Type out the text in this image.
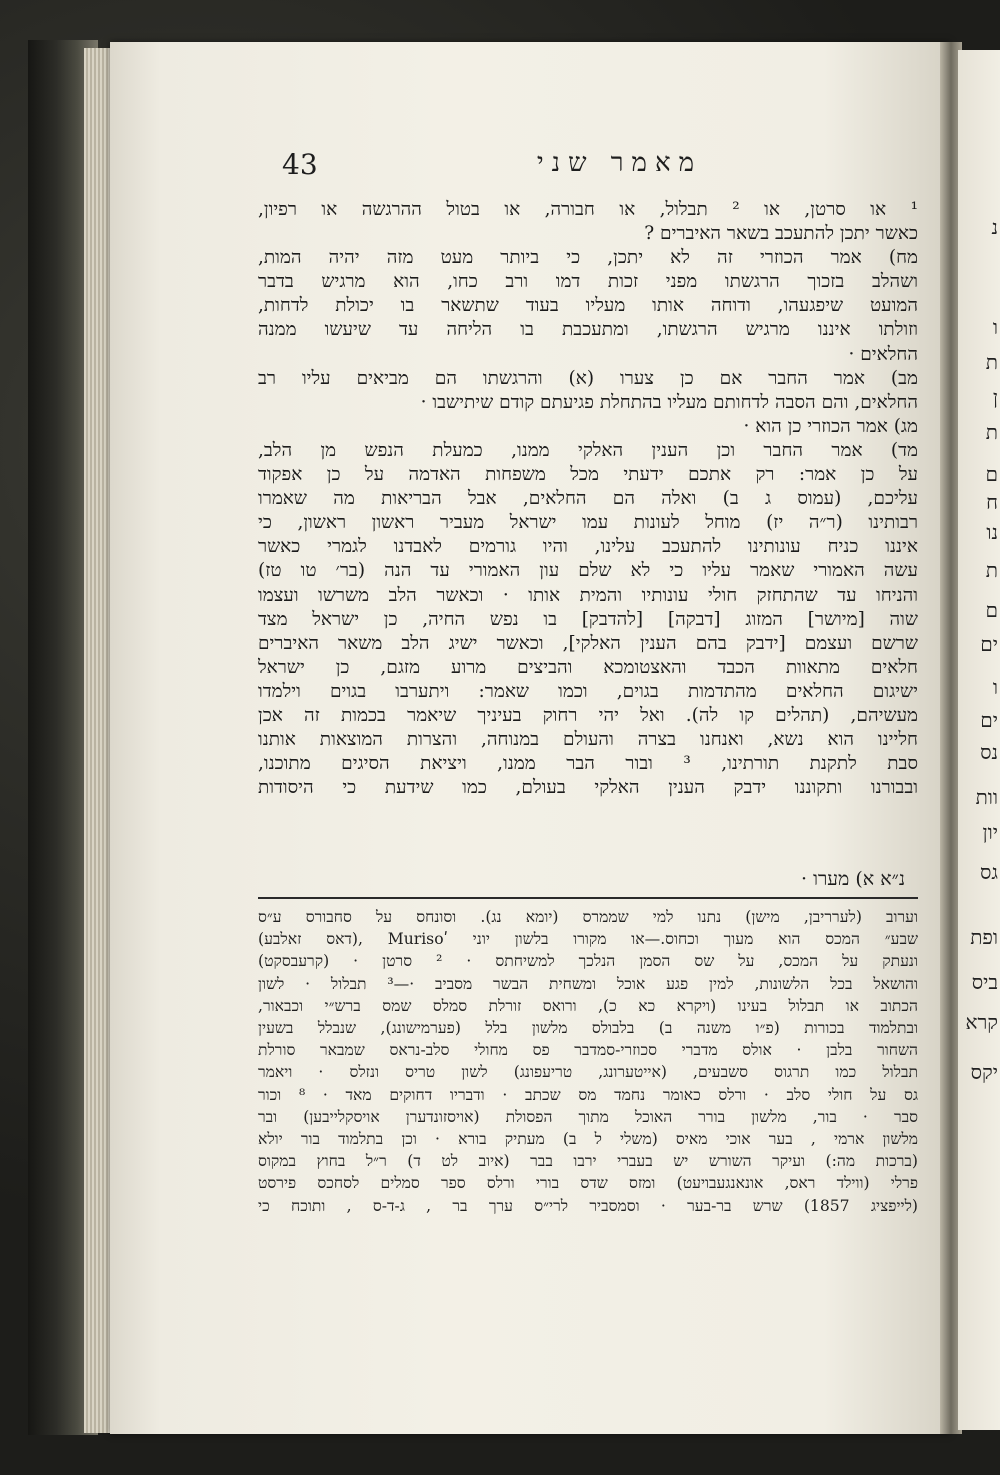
נ
ו
ת
ן
ת
ם
ח
נו
ת
ם
ים
ו
ים
נס
וות
יון
גס
ופת
ביס
קרא
יקס
43	מאמר שני
¹ או סרטן, או ² תבלול, או חבורה, או בטול ההרגשה או רפיון,
כאשר יתכן להתעכב בשאר האיברים ?
מח) אמר הכוזרי זה לא יתכן, כי ביותר מעט מזה יהיה המות,
ושהלב בזכוך הרגשתו מפני זכות דמו ורב כחו, הוא מרגיש בדבר
המועט שיפגעהו, ודוחה אותו מעליו בעוד שתשאר בו יכולת לדחות,
וזולתו איננו מרגיש הרגשתו, ומתעכבת בו הליחה עד שיעשו ממנה
החלאים ·
מב) אמר החבר אם כן צערו (א) והרגשתו הם מביאים עליו רב
החלאים, והם הסבה לדחותם מעליו בהתחלת פגיעתם קודם שיתישבו ·
מג) אמר הכוזרי כן הוא ·
מד) אמר החבר וכן הענין האלקי ממנו, כמעלת הנפש מן הלב,
על כן אמר: רק אתכם ידעתי מכל משפחות האדמה על כן אפקוד
עליכם, (עמוס ג ב) ואלה הם החלאים, אבל הבריאות מה שאמרו
רבותינו (ר״ה יז) מוחל לעונות עמו ישראל מעביר ראשון ראשון, כי
איננו כניח עונותינו להתעכב עלינו, והיו גורמים לאבדנו לגמרי כאשר
עשה האמורי שאמר עליו כי לא שלם עון האמורי עד הנה (בר׳ טו טז)
והניחו עד שהתחזק חולי עונותיו והמית אותו · וכאשר הלב משרשו ועצמו
שוה [מיושר] המזוג [דבקה] [להדבק] בו נפש החיה, כן ישראל מצד
שרשם ועצמם [ידבק בהם הענין האלקי], וכאשר ישיג הלב משאר האיברים
חלאים מתאוות הכבד והאצטומכא והביצים מרוע מזגם, כן ישראל
ישיגום החלאים מהתדמות בגוים, וכמו שאמר: ויתערבו בגוים וילמדו
מעשיהם, (תהלים קו לה). ואל יהי רחוק בעיניך שיאמר בכמות זה אכן
חליינו הוא נשא, ואנחנו בצרה והעולם במנוחה, והצרות המוצאות אותנו
סבת לתקנת תורתינו, ³ ובור הבר ממנו, ויציאת הסיגים מתוכנו,
ובבורנו ותקוננו ידבק הענין האלקי בעולם, כמו שידעת כי היסודות
נ״א א) מערו ·
וערוב (לערריבן, מישן) נתנו למי שממרס (יומא נג). וסונחס על סחבורס ע״ס
שבע״ המכס הוא מעוך וכחוס.—או מקורו בלשון יוני ʹMuriso ,(דאס זאלבע)
ונעתק על המכס, על שס הסמן הנלכך למשיחתס · ² סרטן · (קרעבסקט)
והושאל בכל הלשונות, למין פגע אוכל ומשחית הבשר מסביב ·—³ תבלול · לשון
הכתוב או תבלול בעינו (ויקרא כא כ), ורואס זורלת סמלס שמס ברש״י וכבאור,
ובתלמוד בכורות (פ״ו משנה ב) בלבולס מלשון בלל (פערמישונג), שנבלל בשעין
השחור בלבן · אולס מדברי סכוזרי-סמדבר פס מחולי סלב-נראס שמבאר סורלת
תבלול כמו תרגוס סשבעים, (אייטערונג, טריעפונג) לשון טריס ונזלס · ויאמר
גס על חולי סלב · ורלס כאומר נחמד מס שכתב · ודבריו דחוקים מאד · ⁸ וכור
סבר · בור, מלשון בורר האוכל מתוך הפסולת (אויסזונדערן אויסקלייבען) ובר
מלשון ארמי , בער אוכי מאיס (משלי ל ב) מעתיק בורא · וכן בתלמוד בור יולא
(ברכות מה:) ועיקר השורש יש בעברי ירבו בבר (איוב לט ד) ר״ל בחוץ במקוס
פרלי (ווילד ראס, אונאנגעבויעט) ומזס שדס בורי ורלס ספר סמלים לסחכס פירסט
(לייפציג 1857) שרש בר-בער · וסמסביר לרי״ס ערך בר , ג-ד-ס , ותוכח כי
